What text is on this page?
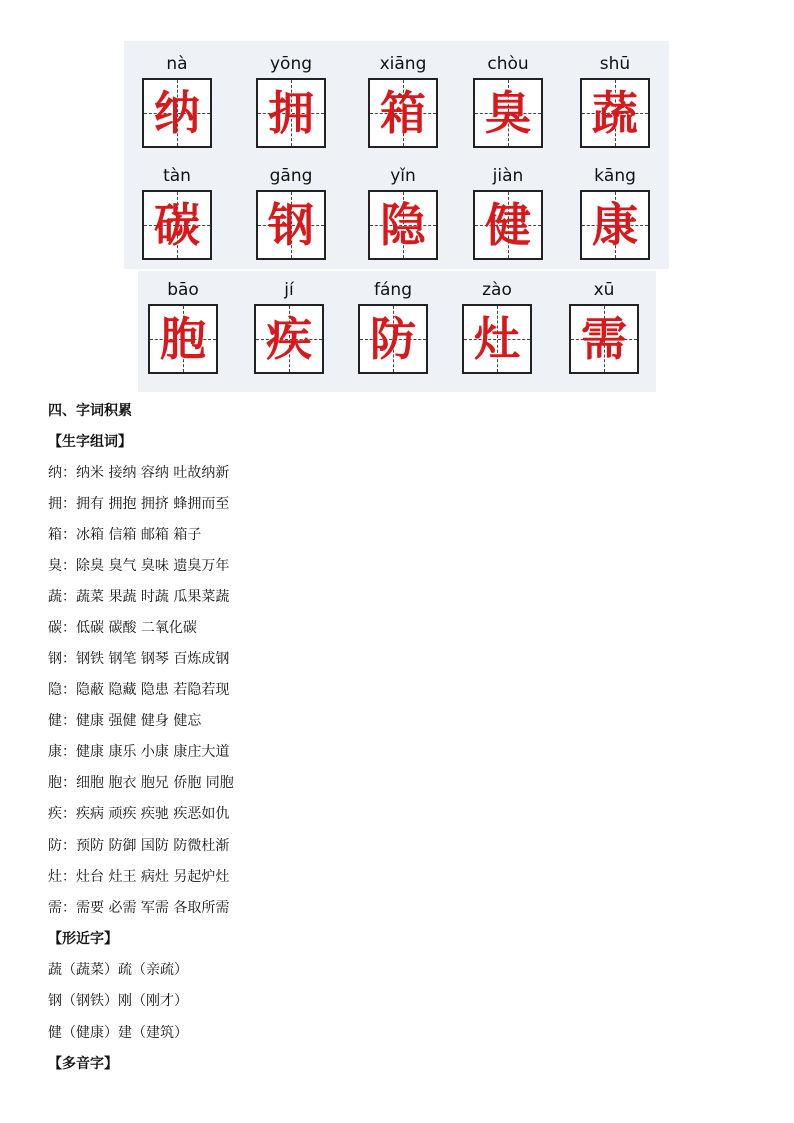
nà
纳
yōng
拥
xiāng
箱
chòu
臭
shū
蔬
tàn
碳
gāng
钢
yǐn
隐
jiàn
健
kāng
康
bāo
胞
jí
疾
fáng
防
zào
灶
xū
需
四、字词积累
【生字组词】
纳：纳米 接纳 容纳 吐故纳新
拥：拥有 拥抱 拥挤 蜂拥而至
箱：冰箱 信箱 邮箱 箱子
臭：除臭 臭气 臭味 遗臭万年
蔬：蔬菜 果蔬 时蔬 瓜果菜蔬
碳：低碳 碳酸 二氧化碳
钢：钢铁 钢笔 钢琴 百炼成钢
隐：隐蔽 隐藏 隐患 若隐若现
健：健康 强健 健身 健忘
康：健康 康乐 小康 康庄大道
胞：细胞 胞衣 胞兄 侨胞 同胞
疾：疾病 顽疾 疾驰 疾恶如仇
防：预防 防御 国防 防微杜渐
灶：灶台 灶王 病灶 另起炉灶
需：需要 必需 军需 各取所需
【形近字】
蔬（蔬菜）疏（亲疏）
钢（钢铁）刚（刚才）
健（健康）建（建筑）
【多音字】
